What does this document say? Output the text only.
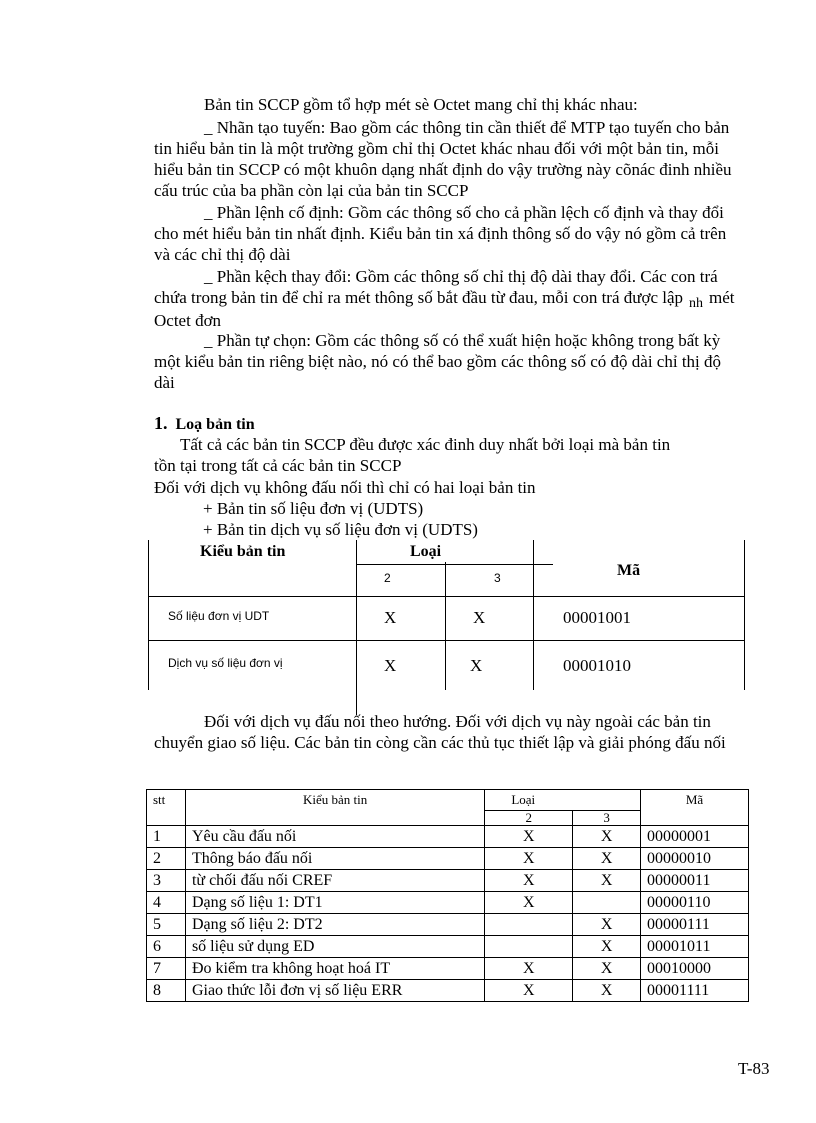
Bản tin SCCP gồm tổ hợp mét sè Octet mang chỉ thị khác nhau:

_ Nhãn tạo tuyến: Bao gồm các thông tin cần thiết để MTP tạo tuyến cho bản tin hiểu bản tin là một trường gồm chỉ thị Octet khác nhau đối với một bản tin, mỗi hiểu bản tin SCCP có một khuôn dạng nhất định do vậy trường này cõnác đinh nhiều cấu trúc của ba phần còn lại của bản tin SCCP

_ Phần lệnh cố định: Gồm các thông số cho cả phần lệch cố định và thay đổi cho mét hiểu bản tin nhất định. Kiểu bản tin xá định thông số do vậy nó gồm cả trên và các chỉ thị độ dài

_ Phần kệch thay đổi: Gồm các thông số chỉ thị độ dài thay đổi. Các con trá chứa trong bản tin để chỉ ra mét thông số bắt đầu từ đau, mỗi con trá được lập $_{nh}$ mét Octet đơn

_ Phần tự chọn: Gồm các thông số có thể xuất hiện hoặc không trong bất kỳ một kiểu bản tin riêng biệt nào, nó có thể bao gồm các thông số có độ dài chỉ thị độ dài

1. Loạ bản tin
Tất cả các bản tin SCCP đều được xác đinh duy nhất bởi loại mà bản tin
tồn tại trong tất cả các bản tin SCCP
Đối với dịch vụ không đấu nối thì chỉ có hai loại bản tin
+ Bản tin số liệu đơn vị (UDTS)
+ Bản tin dịch vụ số liệu đơn vị (UDTS)
Kiểu bản tin	Loại
Mã
2	3
Số liệu đơn vị UDT	X	X	00001001
Dịch vụ số liệu đơn vị	X	X	00001010

Đối với dịch vụ đấu nối theo hướng. Đối với dịch vụ này ngoài các bản tin chuyển giao số liệu. Các bản tin còng cần các thủ tục thiết lập và giải phóng đấu nối

stt	Kiểu bản tin	Loại		Mã
		2	3	
1	Yêu cầu đấu nối	X	X	00000001
2	Thông báo đấu nối	X	X	00000010
3	từ chối đấu nối CREF	X	X	00000011
4	Dạng số liệu 1: DT1	X		00000110
5	Dạng số liệu 2: DT2		X	00000111
6	số liệu sử dụng ED		X	00001011
7	Đo kiểm tra không hoạt hoá IT	X	X	00010000
8	Giao thức lỗi đơn vị số liệu ERR	X	X	00001111
T-83
